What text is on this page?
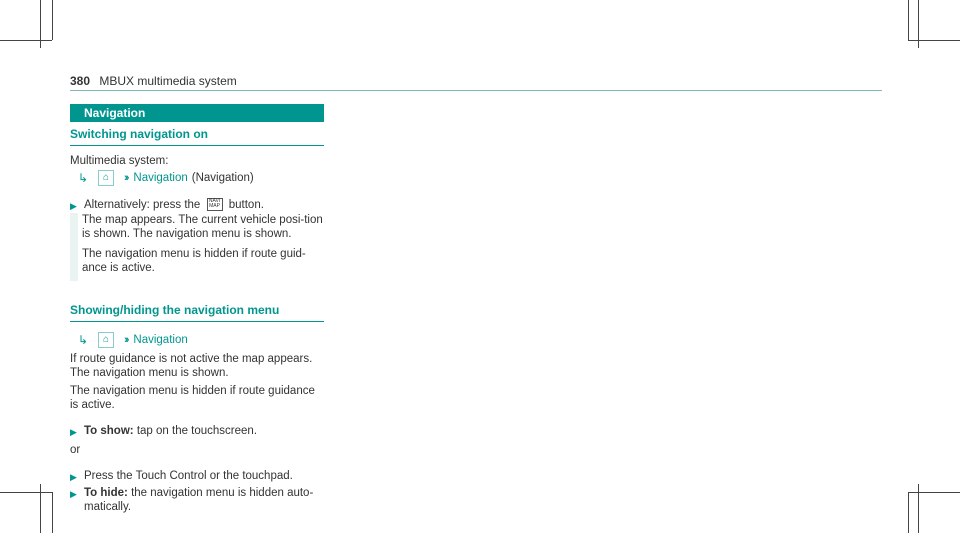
380 MBUX multimedia system
Navigation
Switching navigation on

Multimedia system:

↳	⌂	›› Navigation (Navigation)
▶ Alternatively: press the NAVI MAP button.

The map appears. The current vehicle posi-tion is shown. The navigation menu is shown.

The navigation menu is hidden if route guid-ance is active.

Showing/hiding the navigation menu
↳	⌂	›› Navigation

If route guidance is not active the map appears. The navigation menu is shown.

The navigation menu is hidden if route guidance is active.

▶ To show: tap on the touchscreen.

or

▶ Press the Touch Control or the touchpad.
▶ To hide: the navigation menu is hidden auto-matically.
